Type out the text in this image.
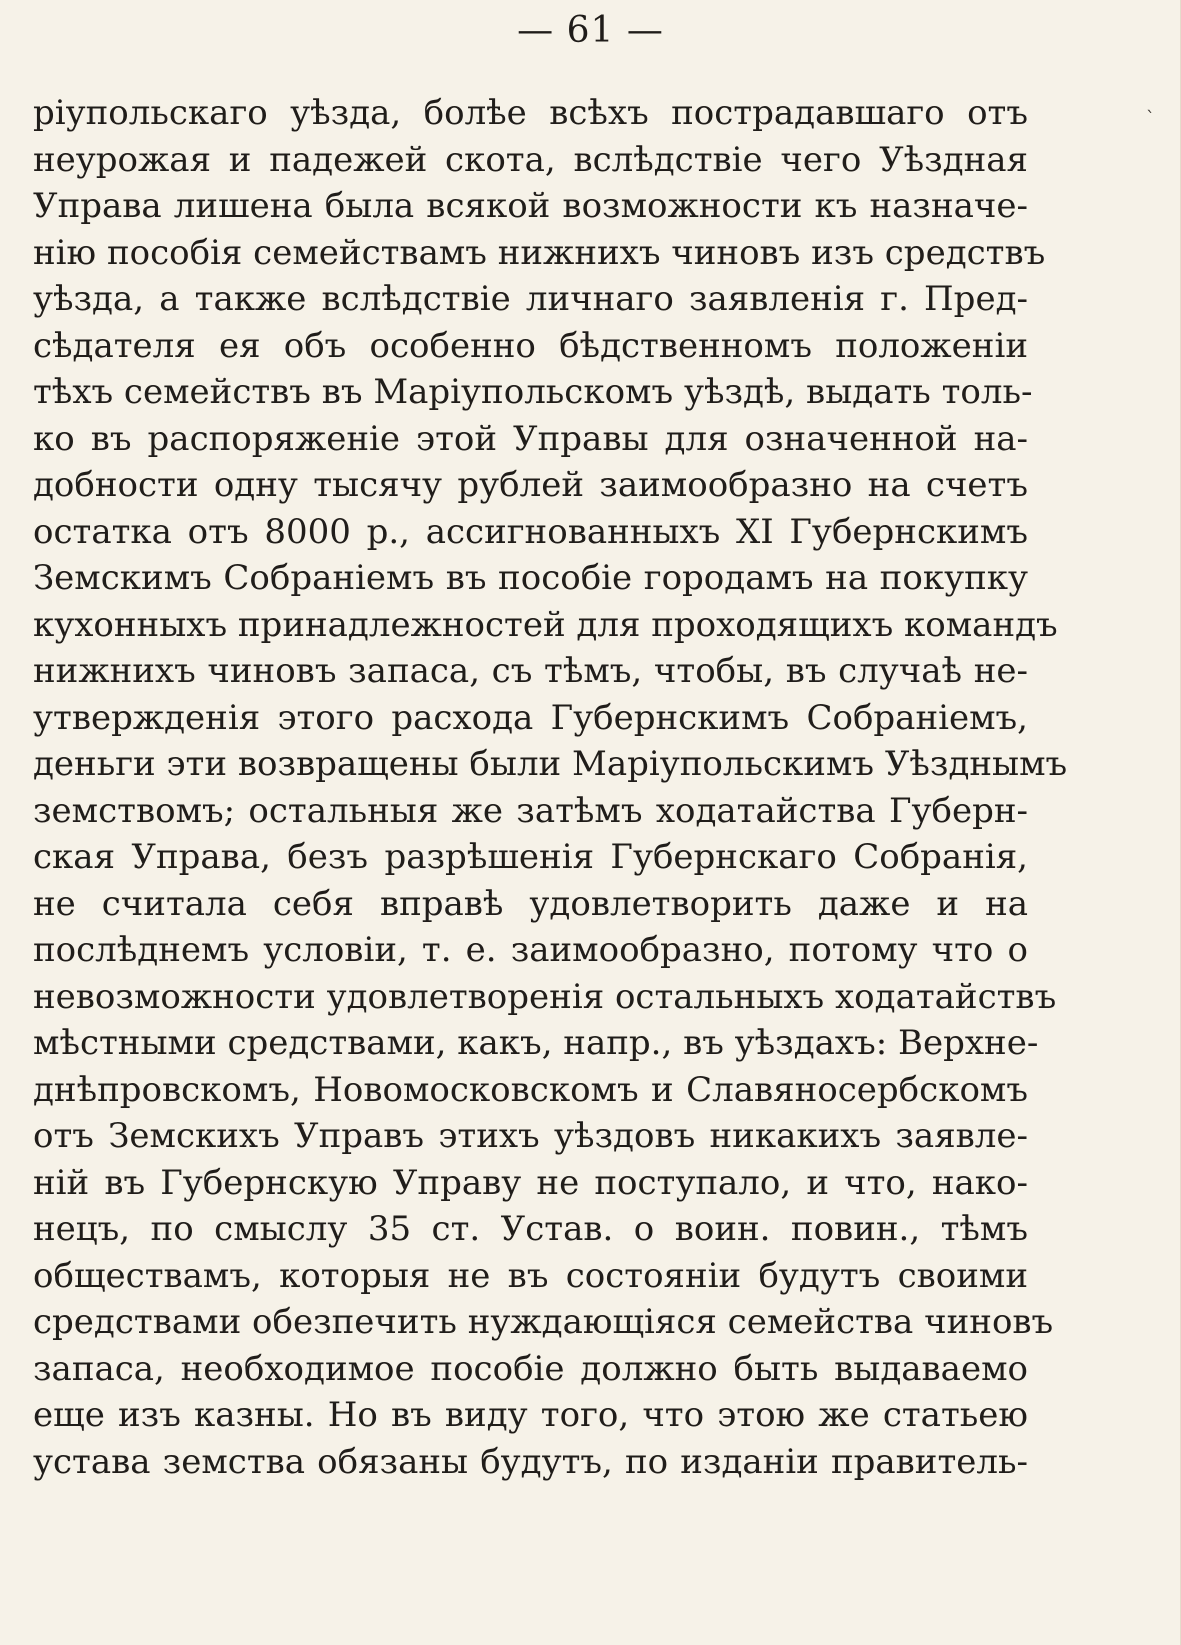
— 61 —
`
ріупольскаго уѣзда, болѣе всѣхъ пострадавшаго отъ
неурожая и падежей скота, вслѣдствіе чего Уѣздная
Управа лишена была всякой возможности къ назначе-
нію пособія семействамъ нижнихъ чиновъ изъ средствъ
уѣзда, а также вслѣдствіе личнаго заявленія г. Пред-
сѣдателя ея объ особенно бѣдственномъ положеніи
тѣхъ семействъ въ Маріупольскомъ уѣздѣ, выдать толь-
ко въ распоряженіе этой Управы для означенной на-
добности одну тысячу рублей заимообразно на счетъ
остатка отъ 8000 р., ассигнованныхъ XI Губернскимъ
Земскимъ Собраніемъ въ пособіе городамъ на покупку
кухонныхъ принадлежностей для проходящихъ командъ
нижнихъ чиновъ запаса, съ тѣмъ, чтобы, въ случаѣ не-
утвержденія этого расхода Губернскимъ Собраніемъ,
деньги эти возвращены были Маріупольскимъ Уѣзднымъ
земствомъ; остальныя же затѣмъ ходатайства Губерн-
ская Управа, безъ разрѣшенія Губернскаго Собранія,
не считала себя вправѣ удовлетворить даже и на
послѣднемъ условіи, т. е. заимообразно, потому что о
невозможности удовлетворенія остальныхъ ходатайствъ
мѣстными средствами, какъ, напр., въ уѣздахъ: Верхне-
днѣпровскомъ, Новомосковскомъ и Славяносербскомъ
отъ Земскихъ Управъ этихъ уѣздовъ никакихъ заявле-
ній въ Губернскую Управу не поступало, и что, нако-
нецъ, по смыслу 35 ст. Устав. о воин. повин., тѣмъ
обществамъ, которыя не въ состояніи будутъ своими
средствами обезпечить нуждающіяся семейства чиновъ
запаса, необходимое пособіе должно быть выдаваемо
еще изъ казны. Но въ виду того, что этою же статьею
устава земства обязаны будутъ, по изданіи правитель-
